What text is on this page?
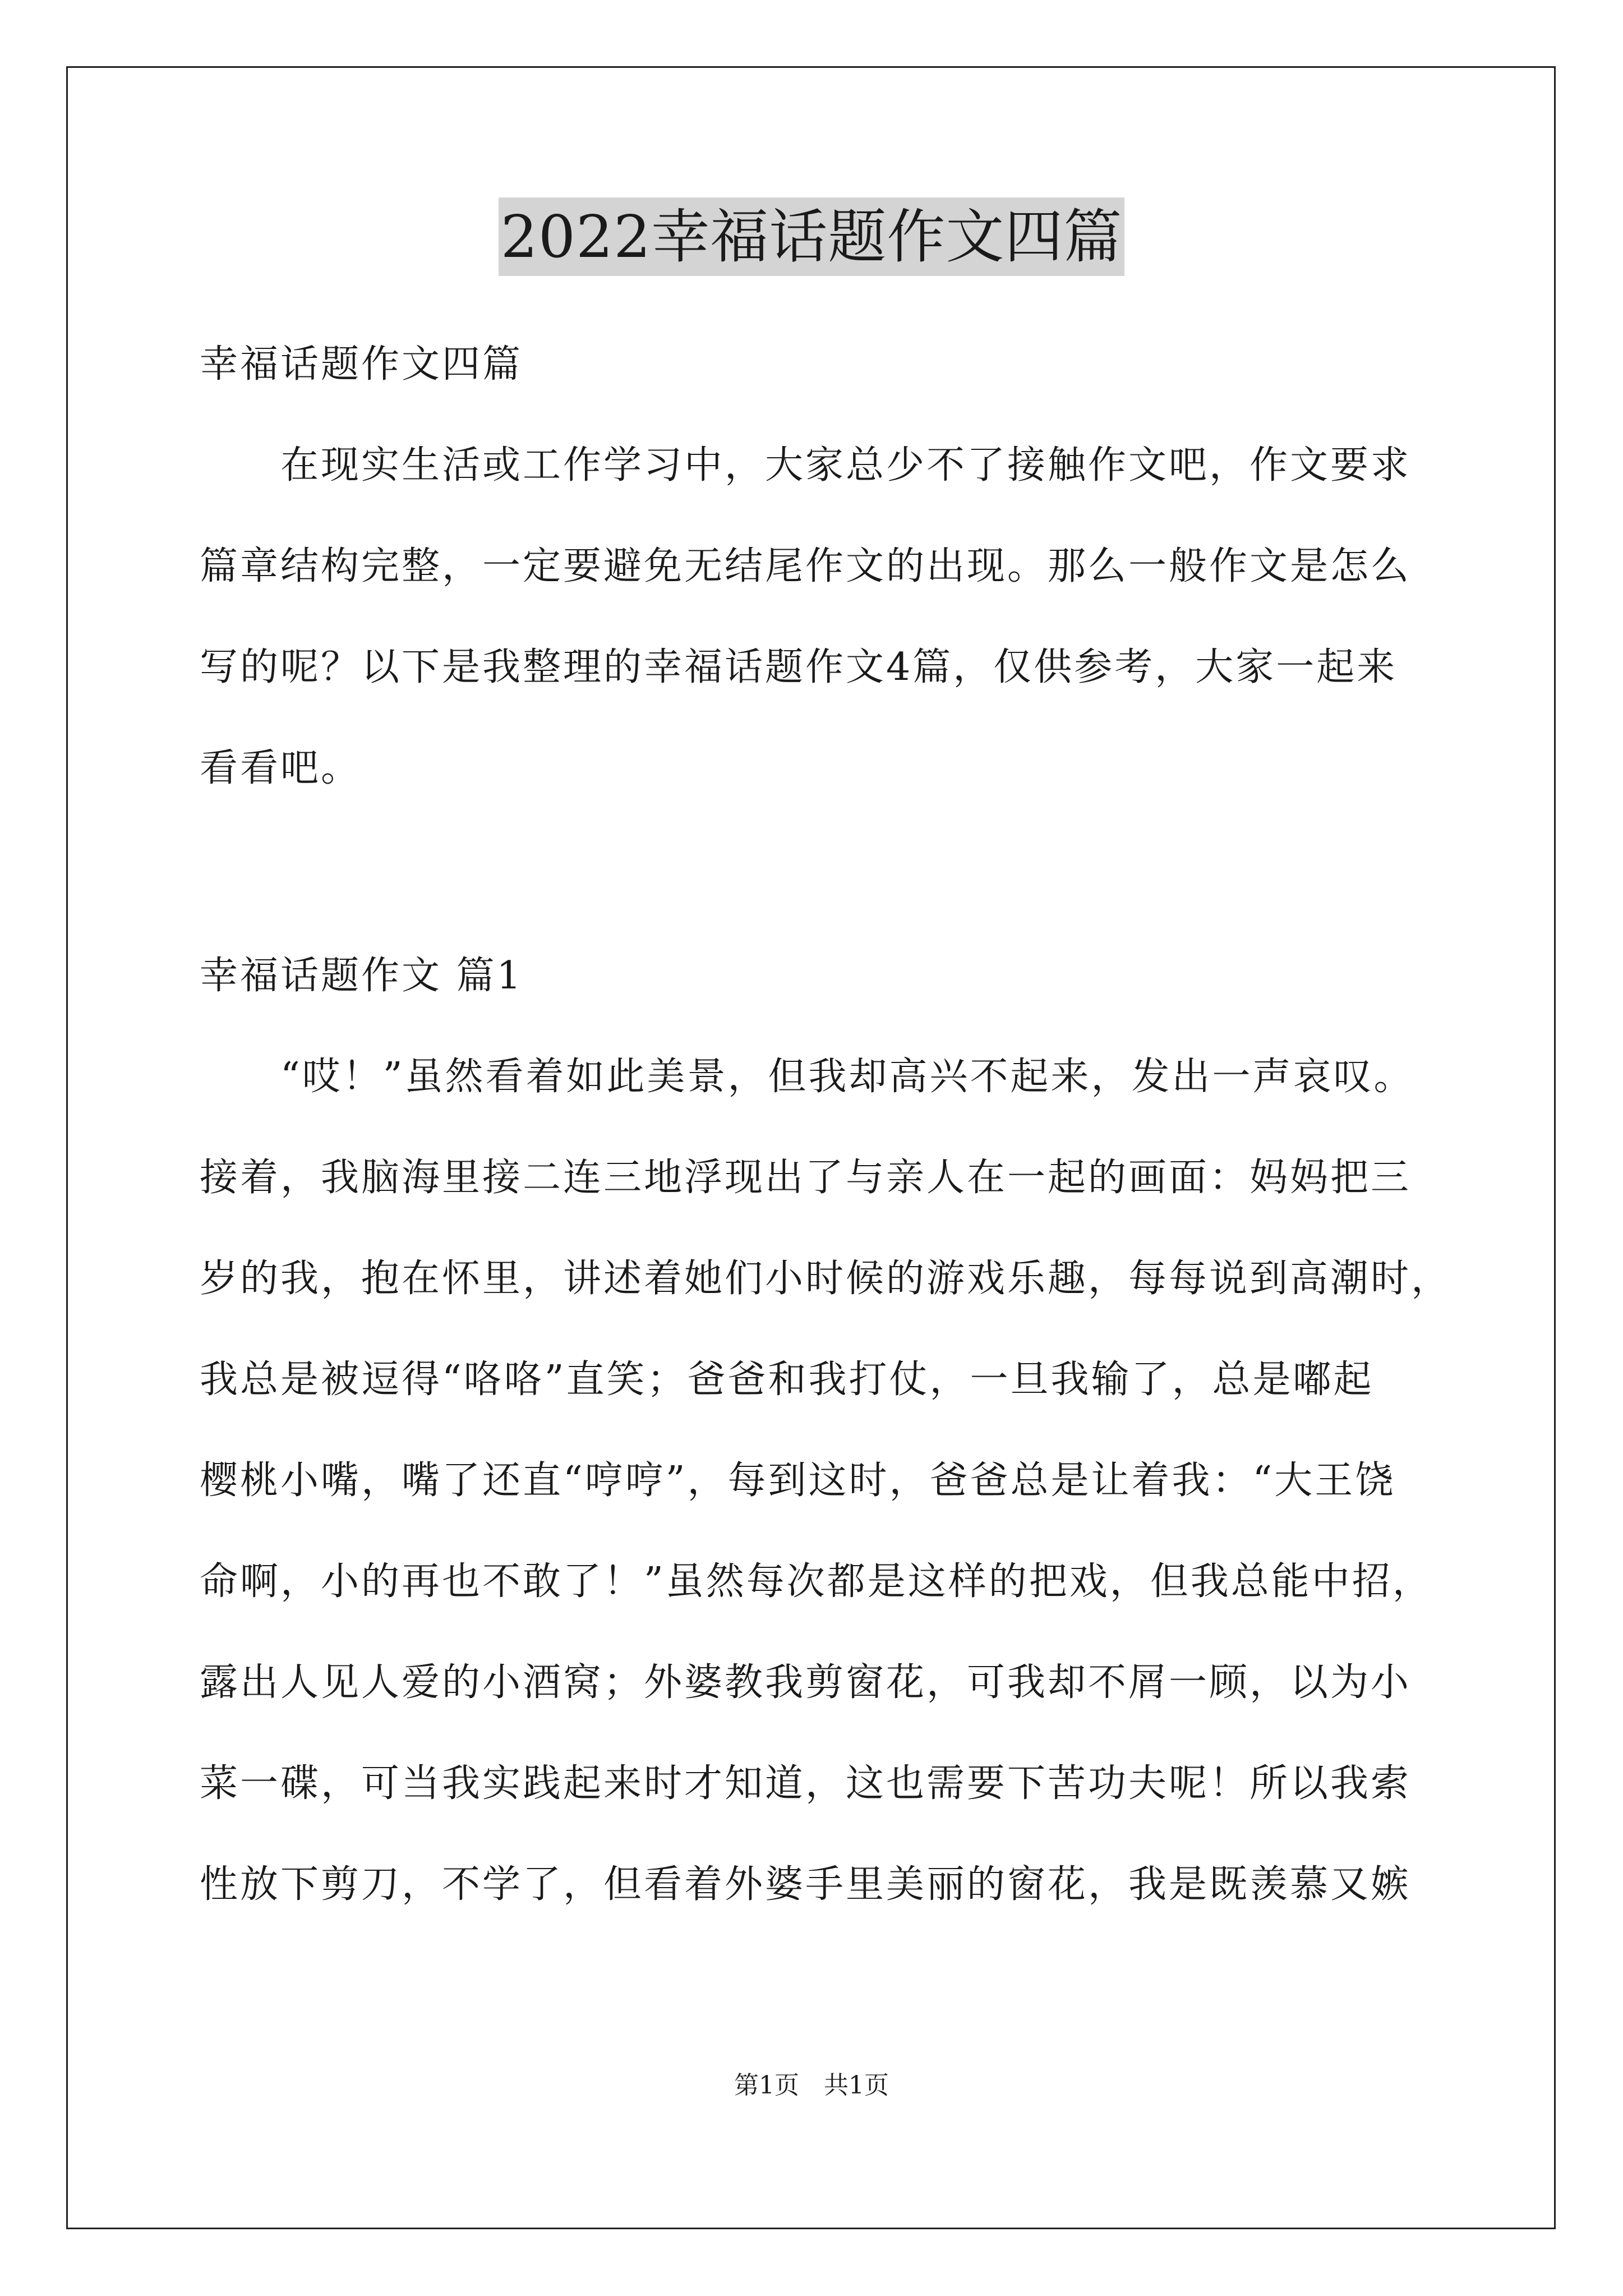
2022幸福话题作文四篇
幸福话题作文四篇
　　在现实生活或工作学习中，大家总少不了接触作文吧，作文要求
篇章结构完整，一定要避免无结尾作文的出现。那么一般作文是怎么
写的呢？以下是我整理的幸福话题作文4篇，仅供参考，大家一起来
看看吧。
幸福话题作文 篇1
　　“哎！”虽然看着如此美景，但我却高兴不起来，发出一声哀叹。
接着，我脑海里接二连三地浮现出了与亲人在一起的画面：妈妈把三
岁的我，抱在怀里，讲述着她们小时候的游戏乐趣，每每说到高潮时，
我总是被逗得“咯咯”直笑；爸爸和我打仗，一旦我输了，总是嘟起
樱桃小嘴，嘴了还直“哼哼”，每到这时，爸爸总是让着我：“大王饶
命啊，小的再也不敢了！”虽然每次都是这样的把戏，但我总能中招，
露出人见人爱的小酒窝；外婆教我剪窗花，可我却不屑一顾，以为小
菜一碟，可当我实践起来时才知道，这也需要下苦功夫呢！所以我索
性放下剪刀，不学了，但看着外婆手里美丽的窗花，我是既羡慕又嫉
第1页　共1页
